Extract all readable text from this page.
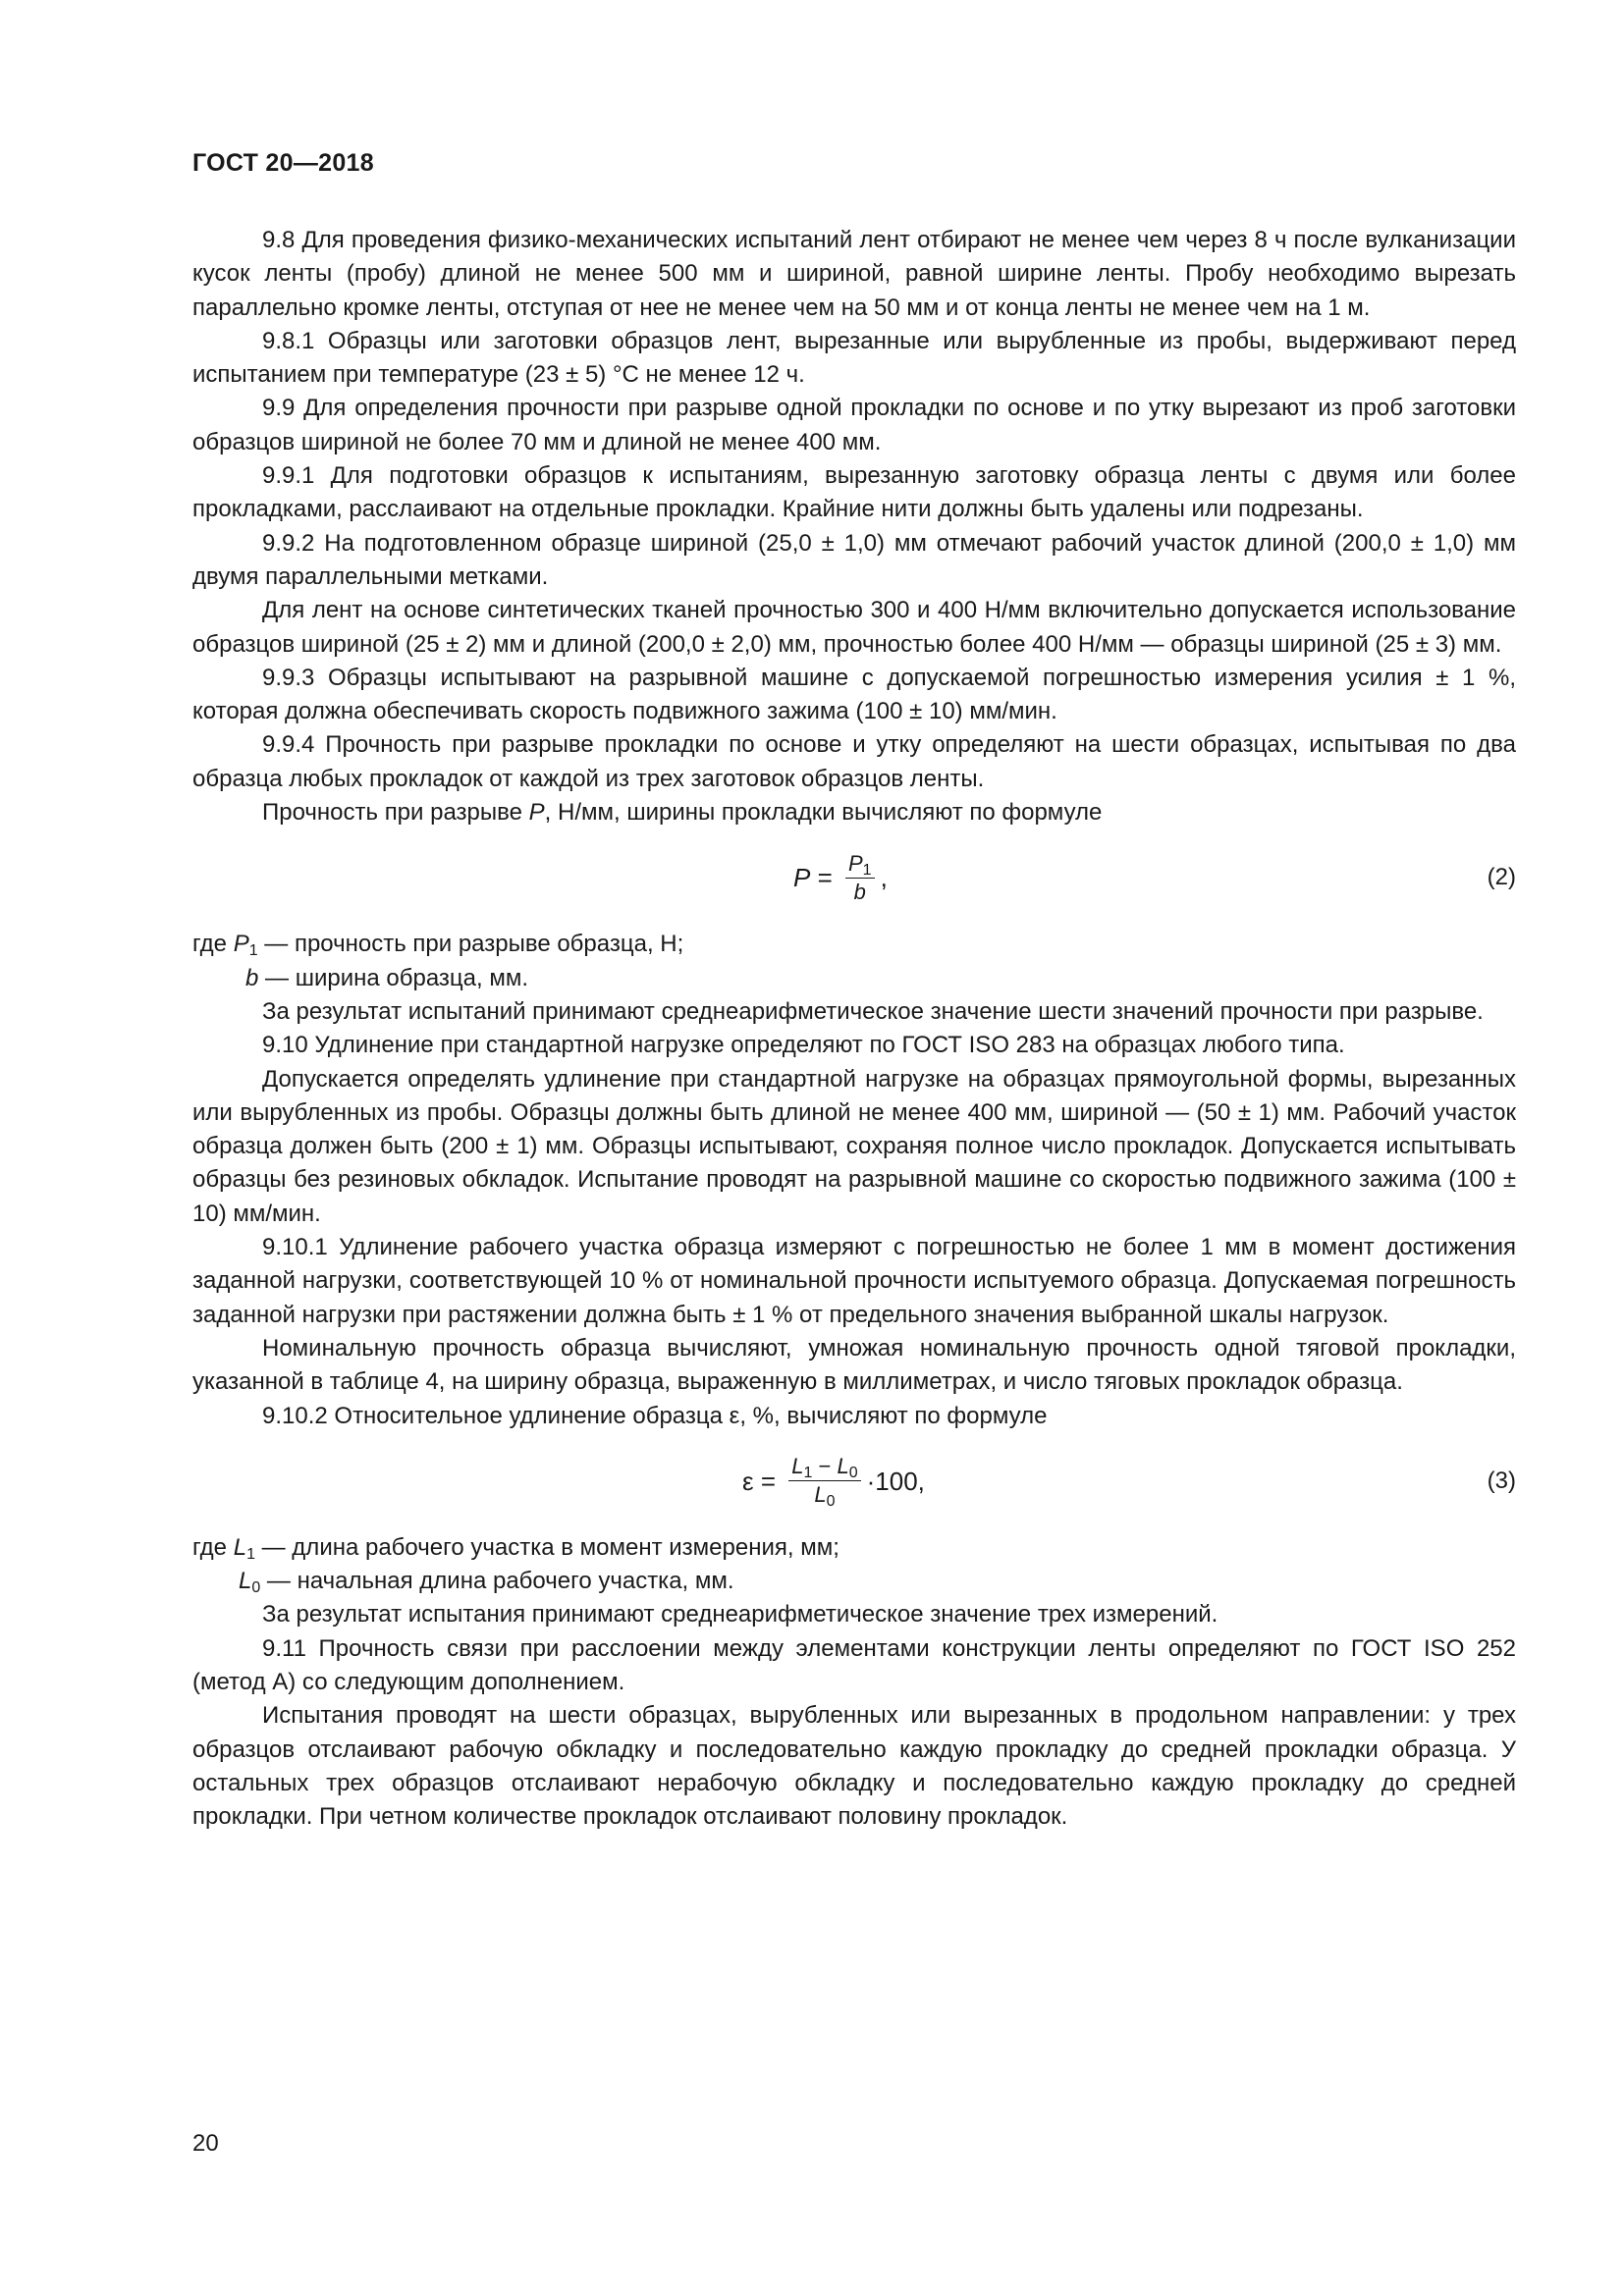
ГОСТ 20—2018

9.8 Для проведения физико-механических испытаний лент отбирают не менее чем через 8 ч после вулканизации кусок ленты (пробу) длиной не менее 500 мм и шириной, равной ширине ленты. Пробу необходимо вырезать параллельно кромке ленты, отступая от нее не менее чем на 50 мм и от конца ленты не менее чем на 1 м.

9.8.1 Образцы или заготовки образцов лент, вырезанные или вырубленные из пробы, выдерживают перед испытанием при температуре (23 ± 5) °С не менее 12 ч.

9.9 Для определения прочности при разрыве одной прокладки по основе и по утку вырезают из проб заготовки образцов шириной не более 70 мм и длиной не менее 400 мм.

9.9.1 Для подготовки образцов к испытаниям, вырезанную заготовку образца ленты с двумя или более прокладками, расслаивают на отдельные прокладки. Крайние нити должны быть удалены или подрезаны.

9.9.2 На подготовленном образце шириной (25,0 ± 1,0) мм отмечают рабочий участок длиной (200,0 ± 1,0) мм двумя параллельными метками.

Для лент на основе синтетических тканей прочностью 300 и 400 Н/мм включительно допускается использование образцов шириной (25 ± 2) мм и длиной (200,0 ± 2,0) мм, прочностью более 400 Н/мм — образцы шириной (25 ± 3) мм.

9.9.3 Образцы испытывают на разрывной машине с допускаемой погрешностью измерения усилия ± 1 %, которая должна обеспечивать скорость подвижного зажима (100 ± 10) мм/мин.

9.9.4 Прочность при разрыве прокладки по основе и утку определяют на шести образцах, испытывая по два образца любых прокладок от каждой из трех заготовок образцов ленты.

Прочность при разрыве P, Н/мм, ширины прокладки вычисляют по формуле

$P = \frac{P_1}{b}$ ,	(2)

где $P_1$ — прочность при разрыве образца, Н;

b — ширина образца, мм.

За результат испытаний принимают среднеарифметическое значение шести значений прочности при разрыве.

9.10 Удлинение при стандартной нагрузке определяют по ГОСТ ISO 283 на образцах любого типа.

Допускается определять удлинение при стандартной нагрузке на образцах прямоугольной формы, вырезанных или вырубленных из пробы. Образцы должны быть длиной не менее 400 мм, шириной — (50 ± 1) мм. Рабочий участок образца должен быть (200 ± 1) мм. Образцы испытывают, сохраняя полное число прокладок. Допускается испытывать образцы без резиновых обкладок. Испытание проводят на разрывной машине со скоростью подвижного зажима (100 ± 10) мм/мин.

9.10.1 Удлинение рабочего участка образца измеряют с погрешностью не более 1 мм в момент достижения заданной нагрузки, соответствующей 10 % от номинальной прочности испытуемого образца. Допускаемая погрешность заданной нагрузки при растяжении должна быть ± 1 % от предельного значения выбранной шкалы нагрузок.

Номинальную прочность образца вычисляют, умножая номинальную прочность одной тяговой прокладки, указанной в таблице 4, на ширину образца, выраженную в миллиметрах, и число тяговых прокладок образца.

9.10.2 Относительное удлинение образца ε, %, вычисляют по формуле

$\varepsilon = \frac{L_1 - L_0}{L_0} \cdot 100$,	(3)

где $L_1$ — длина рабочего участка в момент измерения, мм;

$L_0$ — начальная длина рабочего участка, мм.

За результат испытания принимают среднеарифметическое значение трех измерений.

9.11 Прочность связи при расслоении между элементами конструкции ленты определяют по ГОСТ ISO 252 (метод А) со следующим дополнением.

Испытания проводят на шести образцах, вырубленных или вырезанных в продольном направлении: у трех образцов отслаивают рабочую обкладку и последовательно каждую прокладку до средней прокладки образца. У остальных трех образцов отслаивают нерабочую обкладку и последовательно каждую прокладку до средней прокладки. При четном количестве прокладок отслаивают половину прокладок.

20
